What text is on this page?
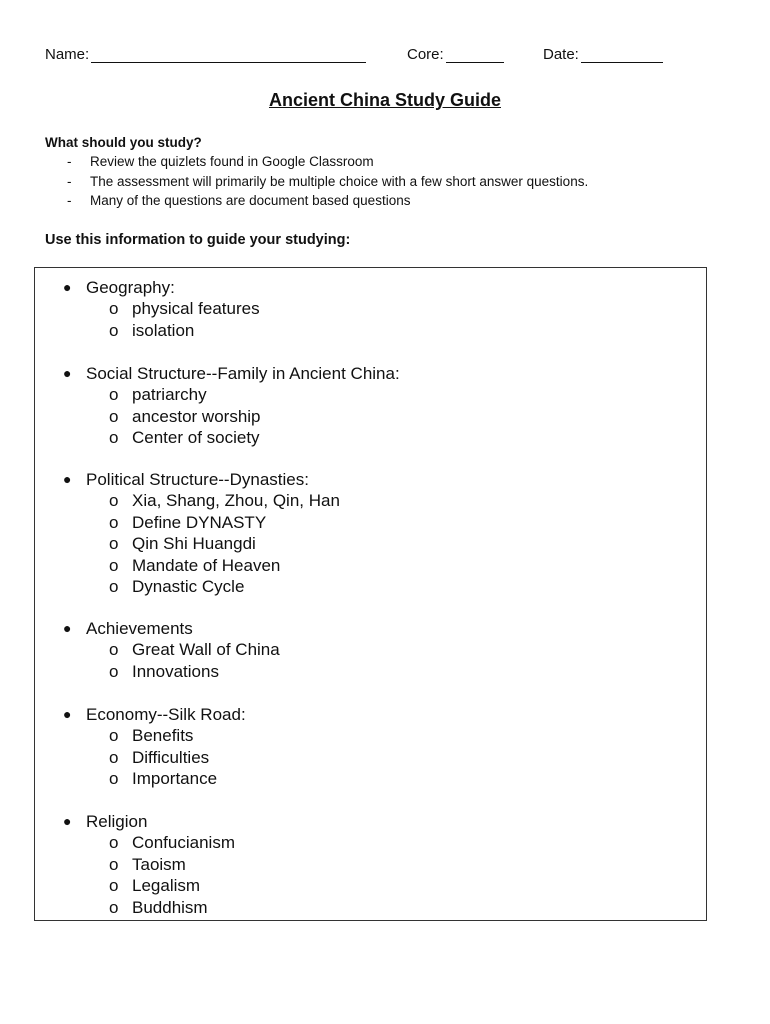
Name:	Core:	Date:
Ancient China Study Guide
What should you study?
- Review the quizlets found in Google Classroom
- The assessment will primarily be multiple choice with a few short answer questions.
- Many of the questions are document based questions
Use this information to guide your studying:
● Geography:
o physical features
o isolation
● Social Structure--Family in Ancient China:
o patriarchy
o ancestor worship
o Center of society
● Political Structure--Dynasties:
o Xia, Shang, Zhou, Qin, Han
o Define DYNASTY
o Qin Shi Huangdi
o Mandate of Heaven
o Dynastic Cycle
● Achievements
o Great Wall of China
o Innovations
● Economy--Silk Road:
o Benefits
o Difficulties
o Importance
● Religion
o Confucianism
o Taoism
o Legalism
o Buddhism
